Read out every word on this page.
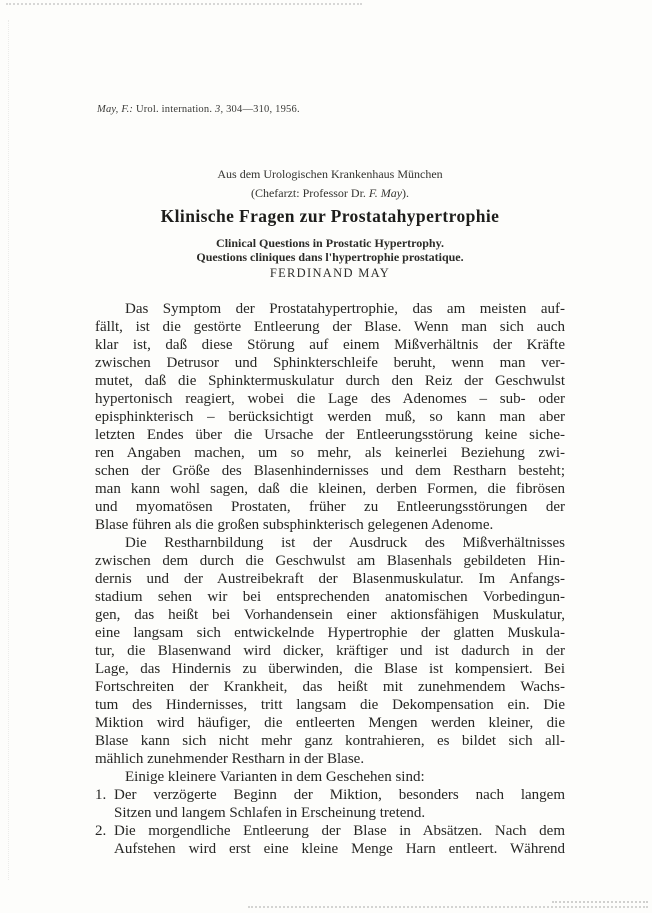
May, F.: Urol. internation. 3, 304—310, 1956.

Aus dem Urologischen Krankenhaus München
(Chefarzt: Professor Dr. F. May).
Klinische Fragen zur Prostatahypertrophie
Clinical Questions in Prostatic Hypertrophy.
Questions cliniques dans l'hypertrophie prostatique.
FERDINAND MAY
Das Symptom der Prostatahypertrophie, das am meisten auf-
fällt, ist die gestörte Entleerung der Blase. Wenn man sich auch
klar ist, daß diese Störung auf einem Mißverhältnis der Kräfte
zwischen Detrusor und Sphinkterschleife beruht, wenn man ver-
mutet, daß die Sphinktermuskulatur durch den Reiz der Geschwulst
hypertonisch reagiert, wobei die Lage des Adenomes – sub- oder
episphinkterisch – berücksichtigt werden muß, so kann man aber
letzten Endes über die Ursache der Entleerungsstörung keine siche-
ren Angaben machen, um so mehr, als keinerlei Beziehung zwi-
schen der Größe des Blasenhindernisses und dem Restharn besteht;
man kann wohl sagen, daß die kleinen, derben Formen, die fibrösen
und myomatösen Prostaten, früher zu Entleerungsstörungen der
Blase führen als die großen subsphinkterisch gelegenen Adenome.
Die Restharnbildung ist der Ausdruck des Mißverhältnisses
zwischen dem durch die Geschwulst am Blasenhals gebildeten Hin-
dernis und der Austreibekraft der Blasenmuskulatur. Im Anfangs-
stadium sehen wir bei entsprechenden anatomischen Vorbedingun-
gen, das heißt bei Vorhandensein einer aktionsfähigen Muskulatur,
eine langsam sich entwickelnde Hypertrophie der glatten Muskula-
tur, die Blasenwand wird dicker, kräftiger und ist dadurch in der
Lage, das Hindernis zu überwinden, die Blase ist kompensiert. Bei
Fortschreiten der Krankheit, das heißt mit zunehmendem Wachs-
tum des Hindernisses, tritt langsam die Dekompensation ein. Die
Miktion wird häufiger, die entleerten Mengen werden kleiner, die
Blase kann sich nicht mehr ganz kontrahieren, es bildet sich all-
mählich zunehmender Restharn in der Blase.
Einige kleinere Varianten in dem Geschehen sind:
1. Der verzögerte Beginn der Miktion, besonders nach langem
Sitzen und langem Schlafen in Erscheinung tretend.
2. Die morgendliche Entleerung der Blase in Absätzen. Nach dem
Aufstehen wird erst eine kleine Menge Harn entleert. Während
